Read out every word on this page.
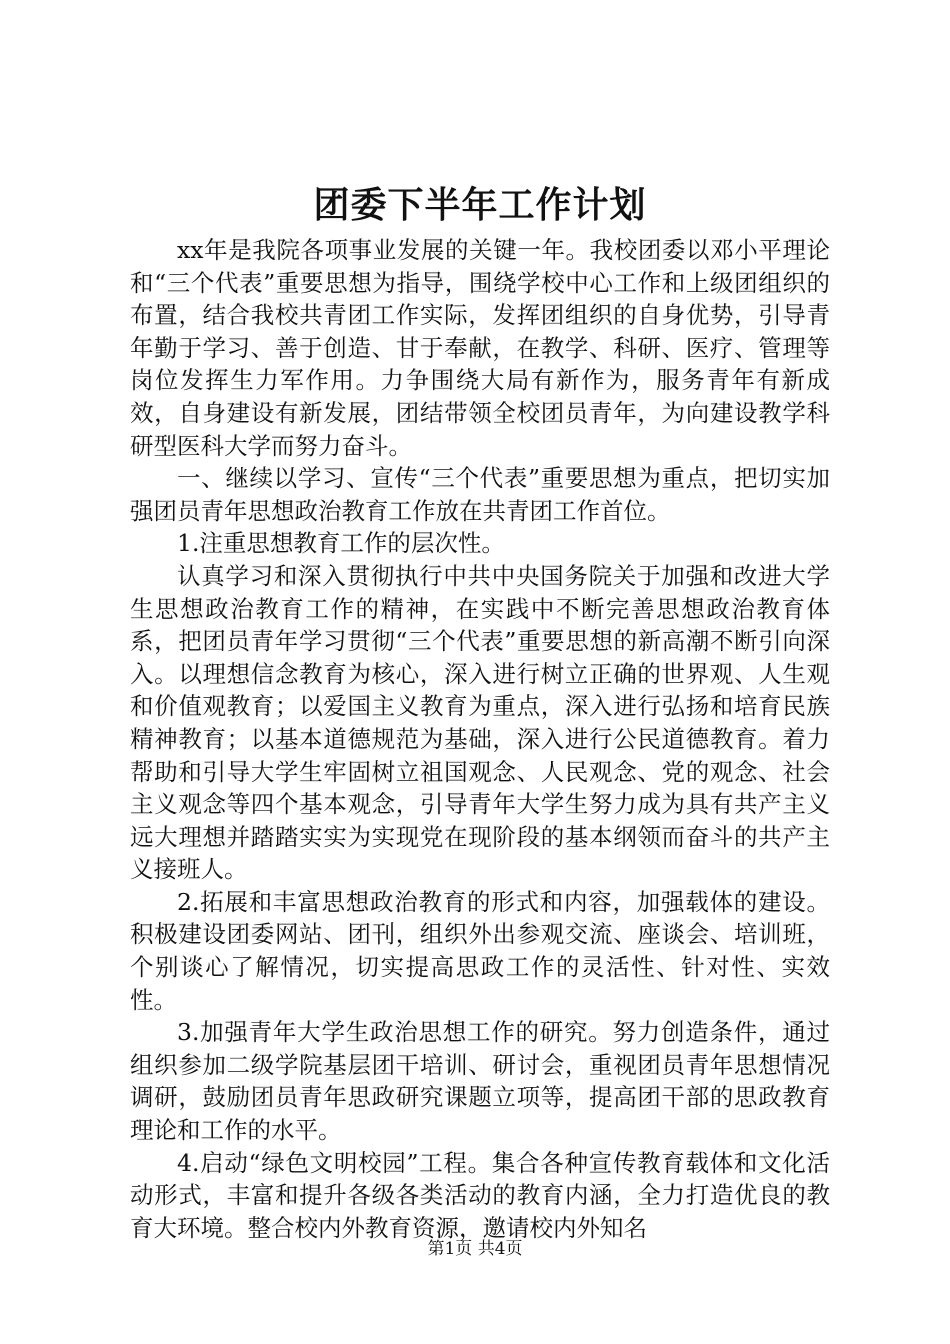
团委下半年工作计划

xx年是我院各项事业发展的关键一年。我校团委以邓小平理论和“三个代表”重要思想为指导，围绕学校中心工作和上级团组织的布置，结合我校共青团工作实际，发挥团组织的自身优势，引导青年勤于学习、善于创造、甘于奉献，在教学、科研、医疗、管理等岗位发挥生力军作用。力争围绕大局有新作为，服务青年有新成效，自身建设有新发展，团结带领全校团员青年，为向建设教学科研型医科大学而努力奋斗。

一、继续以学习、宣传“三个代表”重要思想为重点，把切实加强团员青年思想政治教育工作放在共青团工作首位。

1.注重思想教育工作的层次性。

认真学习和深入贯彻执行中共中央国务院关于加强和改进大学生思想政治教育工作的精神，在实践中不断完善思想政治教育体系，把团员青年学习贯彻“三个代表”重要思想的新高潮不断引向深入。以理想信念教育为核心，深入进行树立正确的世界观、人生观和价值观教育；以爱国主义教育为重点，深入进行弘扬和培育民族精神教育；以基本道德规范为基础，深入进行公民道德教育。着力帮助和引导大学生牢固树立祖国观念、人民观念、党的观念、社会主义观念等四个基本观念，引导青年大学生努力成为具有共产主义远大理想并踏踏实实为实现党在现阶段的基本纲领而奋斗的共产主义接班人。

2.拓展和丰富思想政治教育的形式和内容，加强载体的建设。积极建设团委网站、团刊，组织外出参观交流、座谈会、培训班，个别谈心了解情况，切实提高思政工作的灵活性、针对性、实效性。

3.加强青年大学生政治思想工作的研究。努力创造条件，通过组织参加二级学院基层团干培训、研讨会，重视团员青年思想情况调研，鼓励团员青年思政研究课题立项等，提高团干部的思政教育理论和工作的水平。

4.启动“绿色文明校园”工程。集合各种宣传教育载体和文化活动形式，丰富和提升各级各类活动的教育内涵，全力打造优良的教育大环境。整合校内外教育资源，邀请校内外知名

第1页 共4页
